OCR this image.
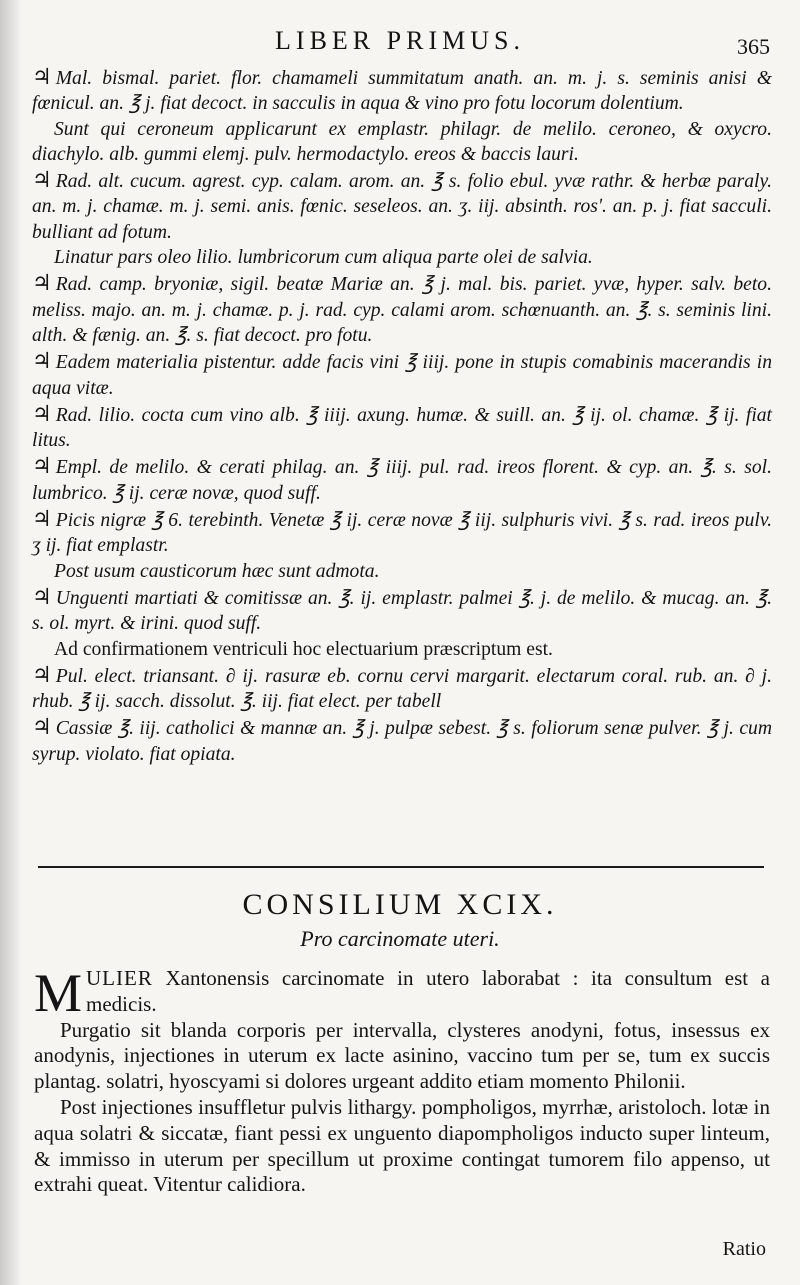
LIBER PRIMUS.	365

♃ Mal. bismal. pariet. flor. chamameli summitatum anath. an. m. j. s. seminis anisi & fœnicul. an. ℥ j. fiat decoct. in sacculis in aqua & vino pro fotu locorum dolentium.

Sunt qui ceroneum applicarunt ex emplastr. philagr. de melilo. ceroneo, & oxycro. diachylo. alb. gummi elemj. pulv. hermodactylo. ereos & baccis lauri.

♃ Rad. alt. cucum. agrest. cyp. calam. arom. an. ℥ s. folio ebul. yvæ rathr. & herbæ paraly. an. m. j. chamæ. m. j. semi. anis. fœnic. seseleos. an. ʒ. iij. absinth. rosʹ. an. p. j. fiat sacculi. bulliant ad fotum.

Linatur pars oleo lilio. lumbricorum cum aliqua parte olei de salvia.

♃ Rad. camp. bryoniæ, sigil. beatæ Mariæ an. ℥ j. mal. bis. pariet. yvæ, hyper. salv. beto. meliss. majo. an. m. j. chamæ. p. j. rad. cyp. calami arom. schœnuanth. an. ℥. s. seminis lini. alth. & fænig. an. ℥. s. fiat decoct. pro fotu.

♃ Eadem materialia pistentur. adde facis vini ℥ iiij. pone in stupis comabinis macerandis in aqua vitæ.

♃ Rad. lilio. cocta cum vino alb. ℥ iiij. axung. humæ. & suill. an. ℥ ij. ol. chamæ. ℥ ij. fiat litus.

♃ Empl. de melilo. & cerati philag. an. ℥ iiij. pul. rad. ireos florent. & cyp. an. ℥. s. sol. lumbrico. ℥ ij. ceræ novæ, quod suff.

♃ Picis nigræ ℥ 6. terebinth. Venetæ ℥ ij. ceræ novæ ℥ iij. sulphuris vivi. ℥ s. rad. ireos pulv. ʒ ij. fiat emplastr.

Post usum causticorum hæc sunt admota.

♃ Unguenti martiati & comitissæ an. ℥. ij. emplastr. palmei ℥. j. de melilo. & mucag. an. ℥. s. ol. myrt. & irini. quod suff.

Ad confirmationem ventriculi hoc electuarium præscriptum est.

♃ Pul. elect. triansant. ∂ ij. rasuræ eb. cornu cervi margarit. electarum coral. rub. an. ∂ j. rhub. ℥ ij. sacch. dissolut. ℥. iij. fiat elect. per tabell

♃ Cassiæ ℥. iij. catholici & mannæ an. ℥ j. pulpæ sebest. ℥ s. foliorum senæ pulver. ℥ j. cum syrup. violato. fiat opiata.

CONSILIUM XCIX.
Pro carcinomate uteri.

MULIER Xantonensis carcinomate in utero laborabat : ita consultum est a medicis.

Purgatio sit blanda corporis per intervalla, clysteres anodyni, fotus, insessus ex anodynis, injectiones in uterum ex lacte asinino, vaccino tum per se, tum ex succis plantag. solatri, hyoscyami si dolores urgeant addito etiam momento Philonii.

Post injectiones insuffletur pulvis lithargy. pompholigos, myrrhæ, aristoloch. lotæ in aqua solatri & siccatæ, fiant pessi ex unguento diapompholigos inducto super linteum, & immisso in uterum per specillum ut proxime contingat tumorem filo appenso, ut extrahi queat. Vitentur calidiora.

Ratio
